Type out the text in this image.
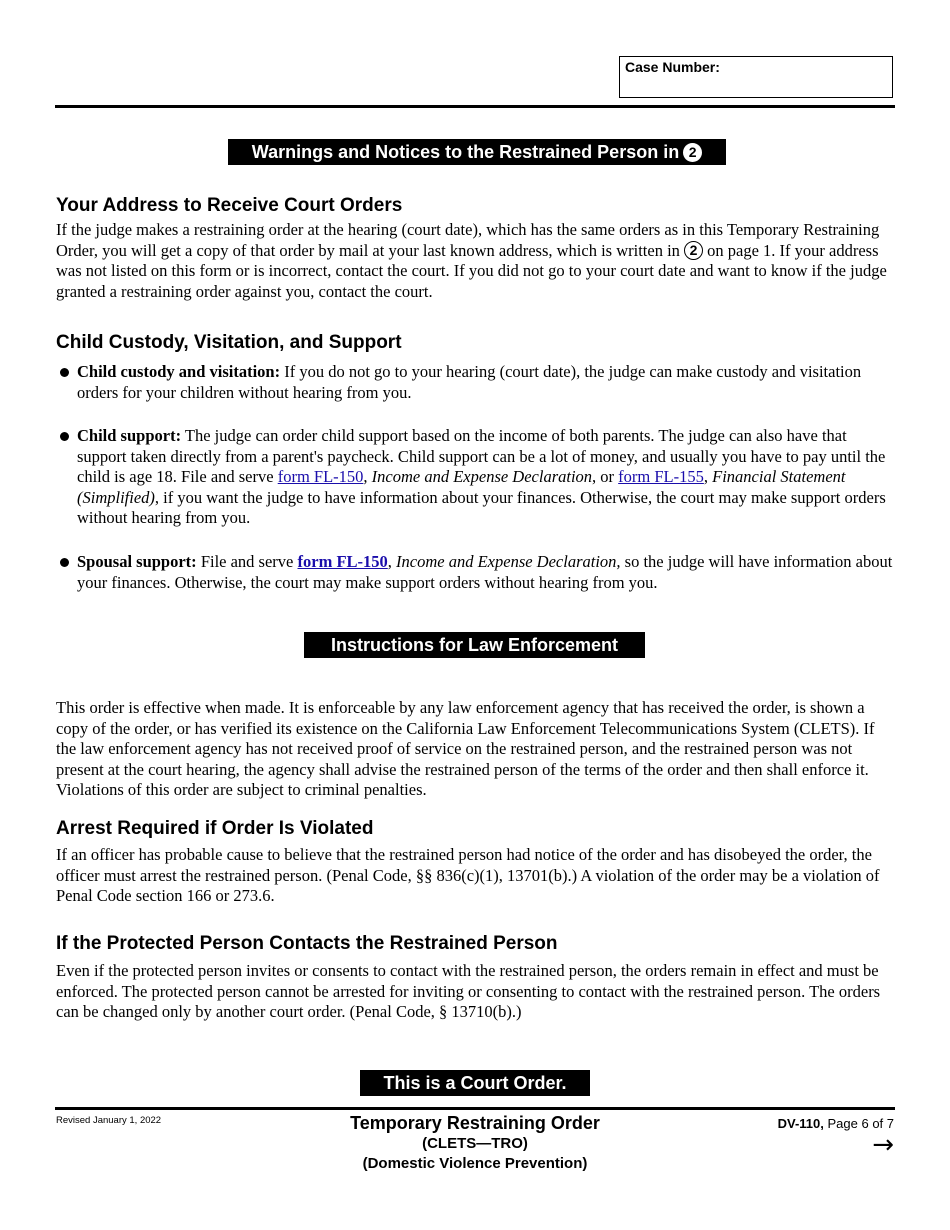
Case Number:
Warnings and Notices to the Restrained Person in 2
Your Address to Receive Court Orders

If the judge makes a restraining order at the hearing (court date), which has the same orders as in this Temporary Restraining Order, you will get a copy of that order by mail at your last known address, which is written in 2 on page 1. If your address was not listed on this form or is incorrect, contact the court. If you did not go to your court date and want to know if the judge granted a restraining order against you, contact the court.

Child Custody, Visitation, and Support
Child custody and visitation: If you do not go to your hearing (court date), the judge can make custody and visitation orders for your children without hearing from you.
Child support: The judge can order child support based on the income of both parents. The judge can also have that support taken directly from a parent's paycheck. Child support can be a lot of money, and usually you have to pay until the child is age 18. File and serve form FL-150, Income and Expense Declaration, or form FL-155, Financial Statement (Simplified), if you want the judge to have information about your finances. Otherwise, the court may make support orders without hearing from you.
Spousal support: File and serve form FL-150, Income and Expense Declaration, so the judge will have information about your finances. Otherwise, the court may make support orders without hearing from you.
Instructions for Law Enforcement

This order is effective when made. It is enforceable by any law enforcement agency that has received the order, is shown a copy of the order, or has verified its existence on the California Law Enforcement Telecommunications System (CLETS). If the law enforcement agency has not received proof of service on the restrained person, and the restrained person was not present at the court hearing, the agency shall advise the restrained person of the terms of the order and then shall enforce it. Violations of this order are subject to criminal penalties.

Arrest Required if Order Is Violated

If an officer has probable cause to believe that the restrained person had notice of the order and has disobeyed the order, the officer must arrest the restrained person. (Penal Code, §§ 836(c)(1), 13701(b).) A violation of the order may be a violation of Penal Code section 166 or 273.6.

If the Protected Person Contacts the Restrained Person

Even if the protected person invites or consents to contact with the restrained person, the orders remain in effect and must be enforced. The protected person cannot be arrested for inviting or consenting to contact with the restrained person. The orders can be changed only by another court order. (Penal Code, § 13710(b).)

This is a Court Order.
Revised January 1, 2022	Temporary Restraining Order
(CLETS—TRO)
(Domestic Violence Prevention)
DV-110, Page 6 of 7
→
